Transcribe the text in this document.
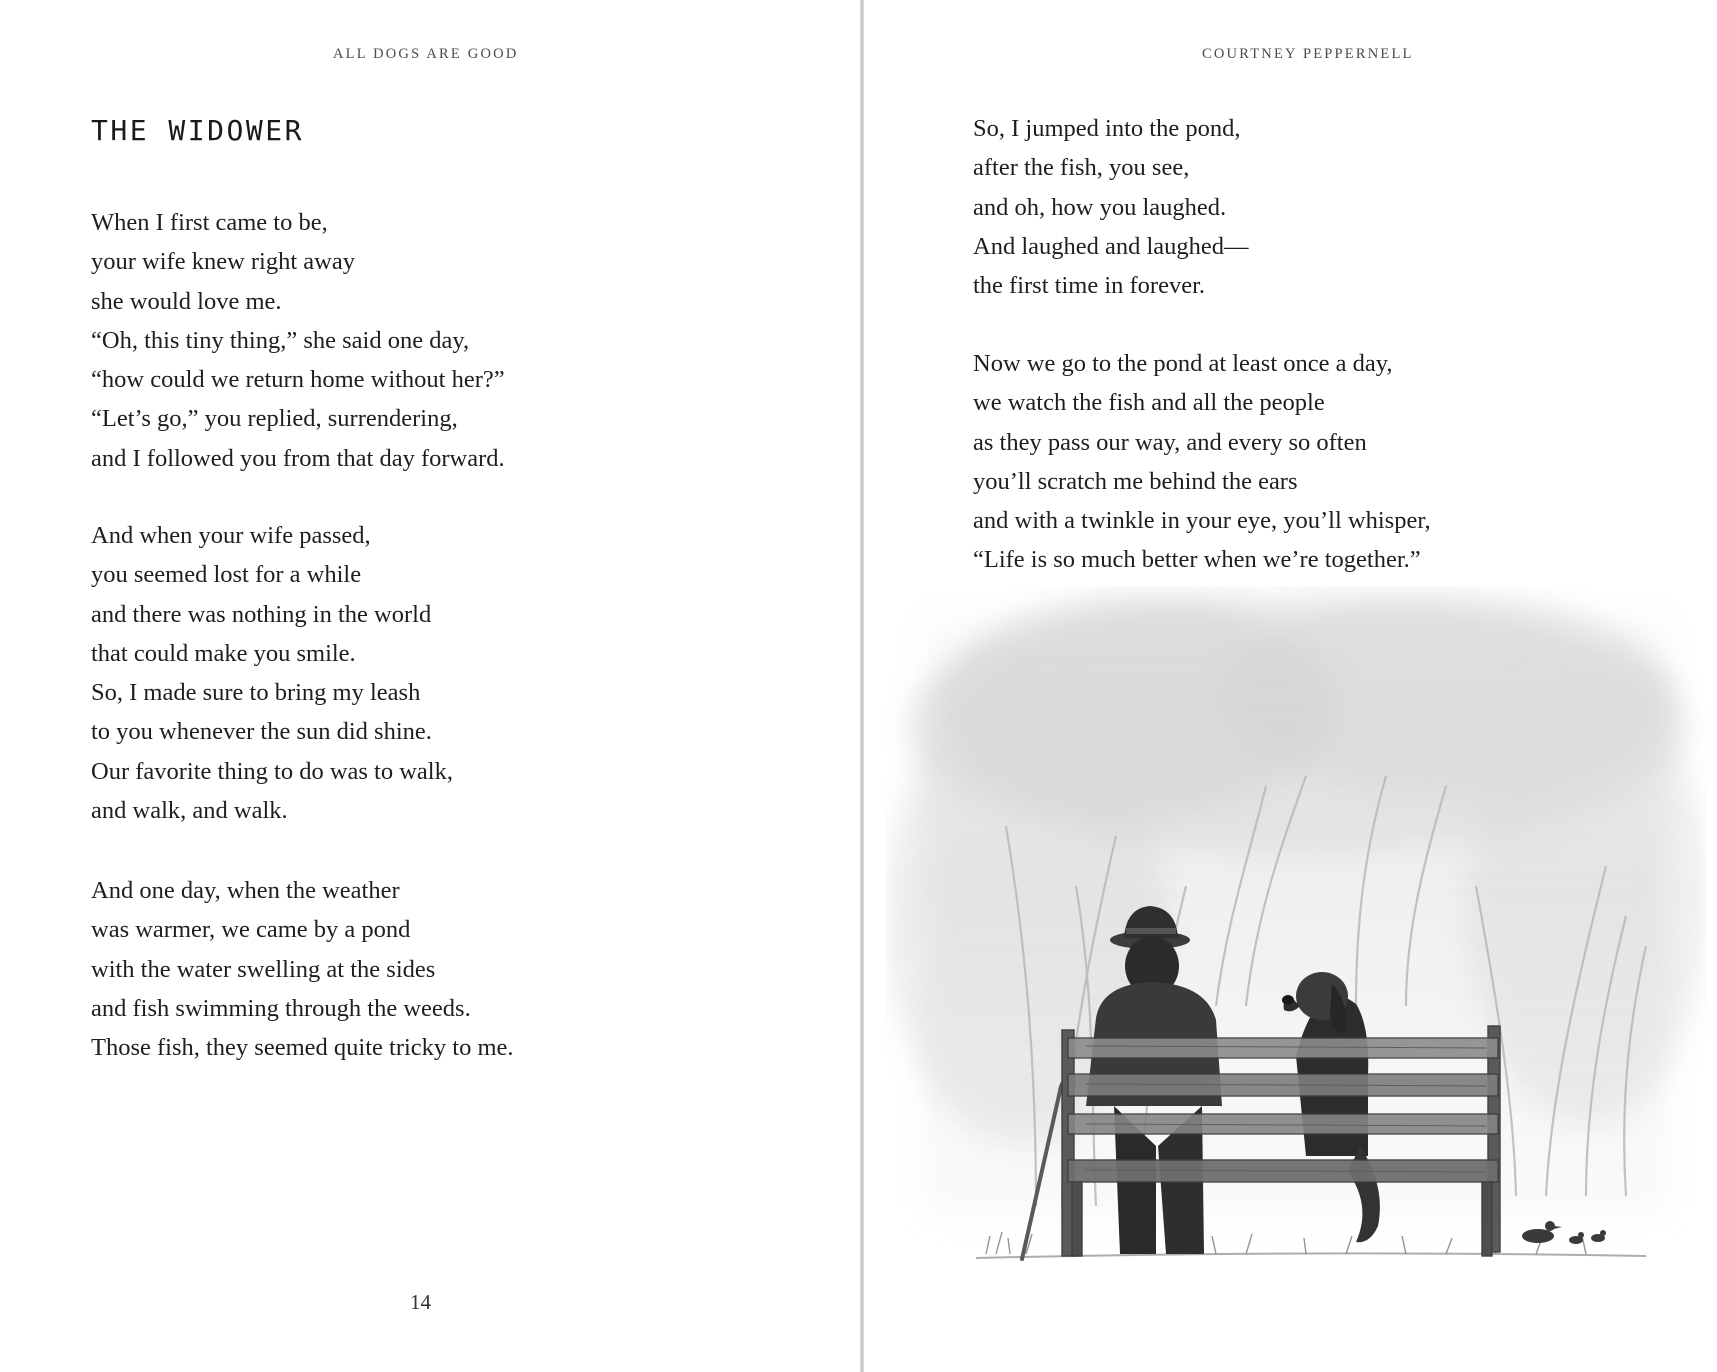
ALL DOGS ARE GOOD
THE WIDOWER
When I first came to be,
your wife knew right away
she would love me.
“Oh, this tiny thing,” she said one day,
“how could we return home without her?”
“Let’s go,” you replied, surrendering,
and I followed you from that day forward.
And when your wife passed,
you seemed lost for a while
and there was nothing in the world
that could make you smile.
So, I made sure to bring my leash
to you whenever the sun did shine.
Our favorite thing to do was to walk,
and walk, and walk.
And one day, when the weather
was warmer, we came by a pond
with the water swelling at the sides
and fish swimming through the weeds.
Those fish, they seemed quite tricky to me.
14
COURTNEY PEPPERNELL
So, I jumped into the pond,
after the fish, you see,
and oh, how you laughed.
And laughed and laughed—
the first time in forever.
Now we go to the pond at least once a day,
we watch the fish and all the people
as they pass our way, and every so often
you’ll scratch me behind the ears
and with a twinkle in your eye, you’ll whisper,
“Life is so much better when we’re together.”
